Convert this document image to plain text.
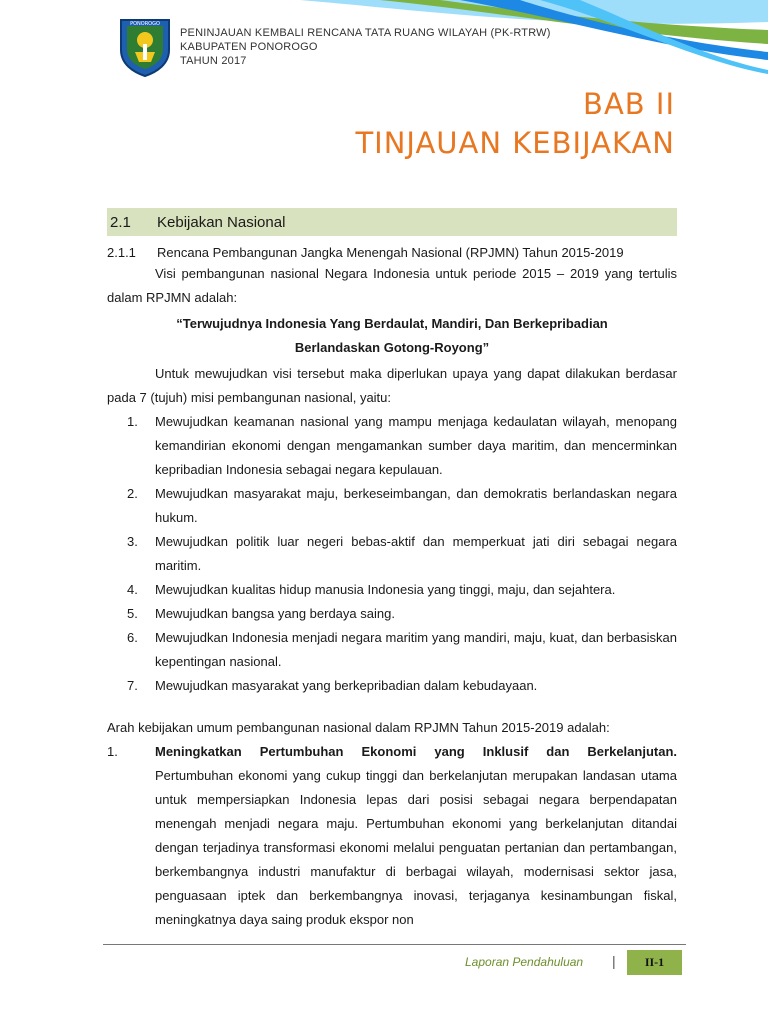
PONOROGO
PENINJAUAN KEMBALI RENCANA TATA RUANG WILAYAH (PK-RTRW)
KABUPATEN PONOROGO
TAHUN 2017
BAB II
TINJAUAN KEBIJAKAN
2.1	Kebijakan Nasional
2.1.1	Rencana Pembangunan Jangka Menengah Nasional (RPJMN) Tahun 2015-2019

Visi pembangunan nasional Negara Indonesia untuk periode 2015 – 2019 yang tertulis dalam RPJMN adalah:

“Terwujudnya Indonesia Yang Berdaulat, Mandiri, Dan Berkepribadian
Berlandaskan Gotong-Royong”

Untuk mewujudkan visi tersebut maka diperlukan upaya yang dapat dilakukan berdasar pada 7 (tujuh) misi pembangunan nasional, yaitu:

1.	Mewujudkan keamanan nasional yang mampu menjaga kedaulatan wilayah, menopang kemandirian ekonomi dengan mengamankan sumber daya maritim, dan mencerminkan kepribadian Indonesia sebagai negara kepulauan.
2.	Mewujudkan masyarakat maju, berkeseimbangan, dan demokratis berlandaskan negara hukum.
3.	Mewujudkan politik luar negeri bebas-aktif dan memperkuat jati diri sebagai negara maritim.
4.	Mewujudkan kualitas hidup manusia Indonesia yang tinggi, maju, dan sejahtera.
5.	Mewujudkan bangsa yang berdaya saing.
6.	Mewujudkan Indonesia menjadi negara maritim yang mandiri, maju, kuat, dan berbasiskan kepentingan nasional.
7.	Mewujudkan masyarakat yang berkepribadian dalam kebudayaan.

Arah kebijakan umum pembangunan nasional dalam RPJMN Tahun 2015-2019 adalah:

1.	Meningkatkan Pertumbuhan Ekonomi yang Inklusif dan Berkelanjutan.
Pertumbuhan ekonomi yang cukup tinggi dan berkelanjutan merupakan landasan utama untuk mempersiapkan Indonesia lepas dari posisi sebagai negara berpendapatan menengah menjadi negara maju. Pertumbuhan ekonomi yang berkelanjutan ditandai dengan terjadinya transformasi ekonomi melalui penguatan pertanian dan pertambangan, berkembangnya industri manufaktur di berbagai wilayah, modernisasi sektor jasa, penguasaan iptek dan berkembangnya inovasi, terjaganya kesinambungan fiskal, meningkatnya daya saing produk ekspor non
Laporan Pendahuluan |	II-1
